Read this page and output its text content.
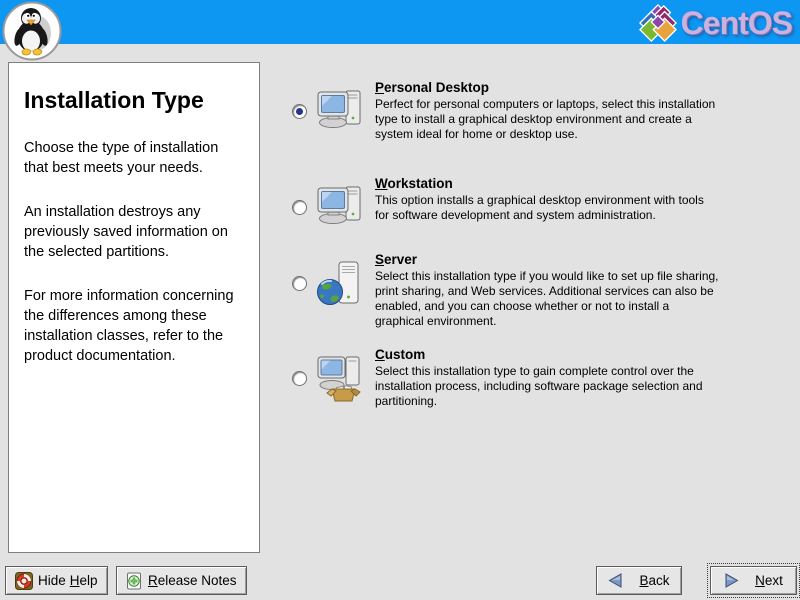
CentOS
Installation Type

Choose the type of installation that best meets your needs.

An installation destroys any previously saved information on the selected partitions.

For more information concerning the differences among these installation classes, refer to the product documentation.

Personal Desktop
Perfect for personal computers or laptops, select this installation type to install a graphical desktop environment and create a system ideal for home or desktop use.
Workstation
This option installs a graphical desktop environment with tools for software development and system administration.
Server
Select this installation type if you would like to set up file sharing, print sharing, and Web services. Additional services can also be enabled, and you can choose whether or not to install a graphical environment.
Custom
Select this installation type to gain complete control over the installation process, including software package selection and partitioning.
Hide Help	Release Notes	Back	Next
